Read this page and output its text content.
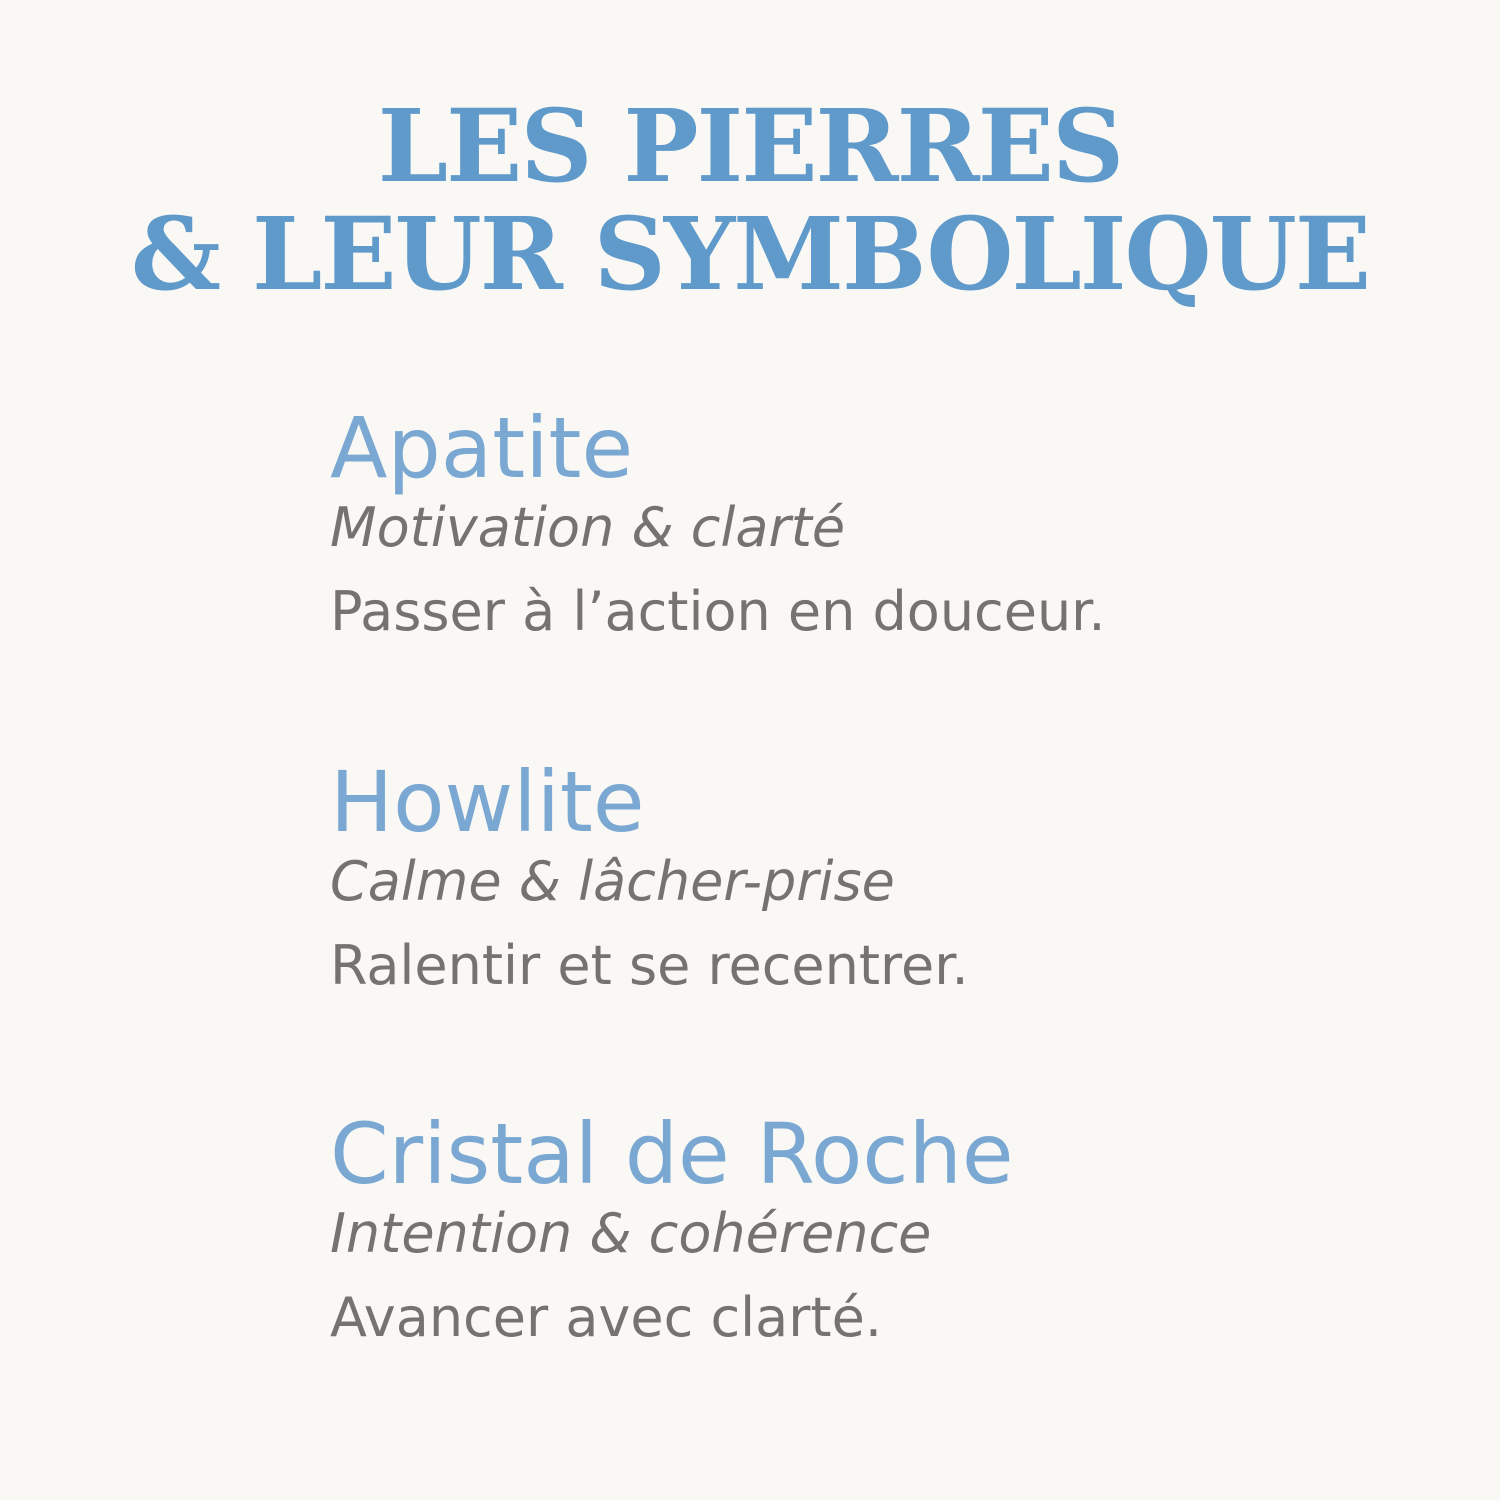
LES PIERRES
& LEUR SYMBOLIQUE
Apatite
Motivation & clarté
Passer à l’action en douceur.
Howlite
Calme & lâcher-prise
Ralentir et se recentrer.
Cristal de Roche
Intention & cohérence
Avancer avec clarté.
